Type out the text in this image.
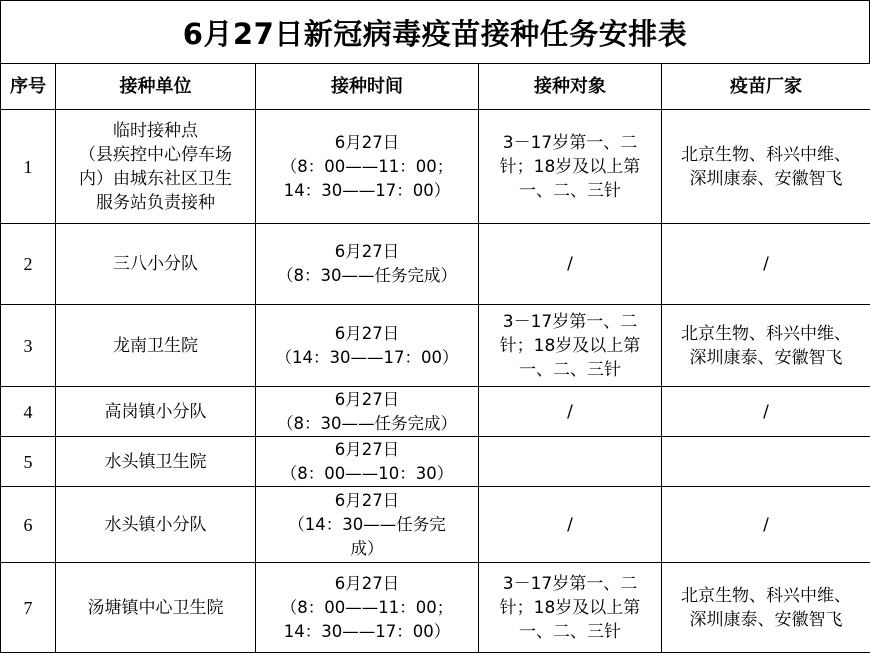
6月27日新冠病毒疫苗接种任务安排表
序号	接种单位	接种时间	接种对象	疫苗厂家
1	临时接种点
（县疾控中心停车场
内）由城东社区卫生
服务站负责接种	6月27日
（8：00——11：00；
14：30——17：00）	3－17岁第一、二
针；18岁及以上第
一、二、三针	北京生物、科兴中维、
深圳康泰、安徽智飞

2	三八小分队	6月27日
（8：30——任务完成）	/	/

3	龙南卫生院	6月27日
（14：30——17：00）	3－17岁第一、二
针；18岁及以上第
一、二、三针	北京生物、科兴中维、
深圳康泰、安徽智飞

4	高岗镇小分队	6月27日
（8：30——任务完成）	/	/

5	水头镇卫生院	6月27日
（8：00——10：30）		

6	水头镇小分队	6月27日
（14：30——任务完
成）	/	/

7	汤塘镇中心卫生院	6月27日
（8：00——11：00；
14：30——17：00）	3－17岁第一、二
针；18岁及以上第
一、二、三针	北京生物、科兴中维、
深圳康泰、安徽智飞
